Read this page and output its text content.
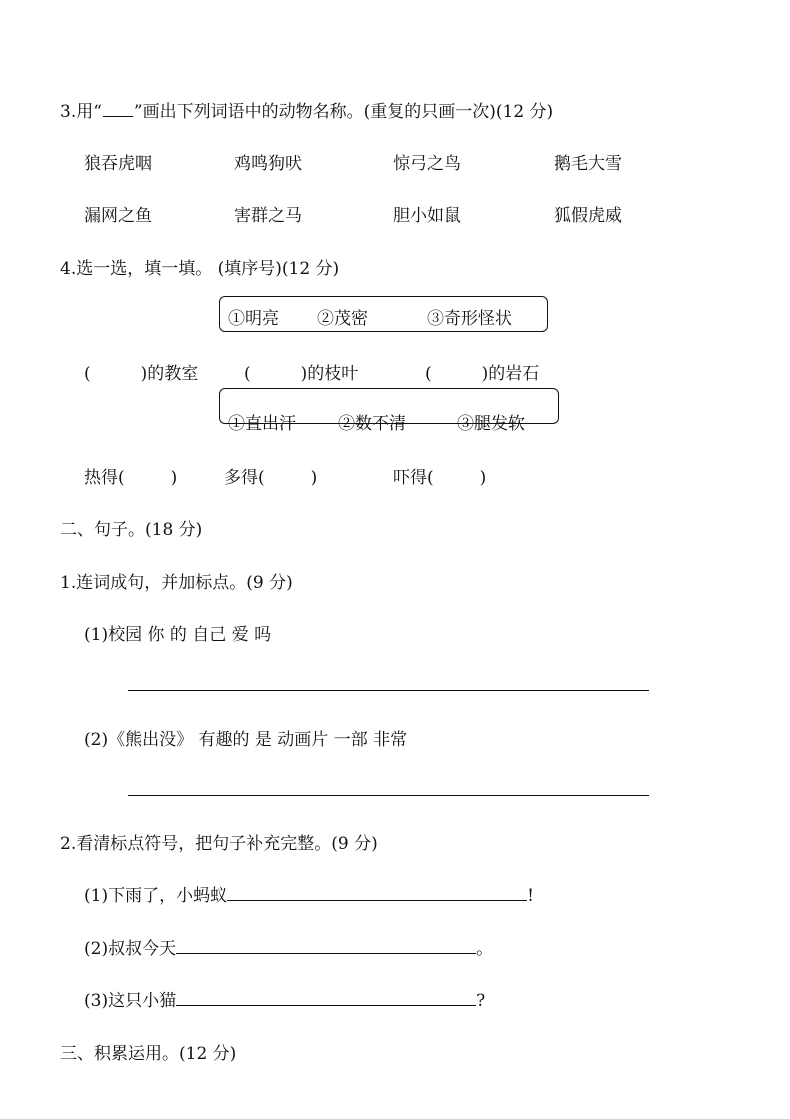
3.用“ ”画出下列词语中的动物名称。(重复的只画一次)(12 分)
狼吞虎咽	鸡鸣狗吠	惊弓之鸟	鹅毛大雪
漏网之鱼	害群之马	胆小如鼠	狐假虎威
4.选一选，填一填。 (填序号)(12 分)
①明亮 ②茂密	③奇形怪状
(	)的教室	(	)的枝叶	(	)的岩石
①直出汗 ②数不清	③腿发软
热得(	)	多得(	)	吓得(	)
二、句子。(18 分)
1.连词成句，并加标点。(9 分)
(1)校园 你 的 自己 爱 吗
(2)《熊出没》 有趣的 是 动画片 一部 非常
2.看清标点符号，把句子补充完整。(9 分)
(1)下雨了，小蚂蚁	!
(2)叔叔今天	。
(3)这只小猫	?
三、积累运用。(12 分)
